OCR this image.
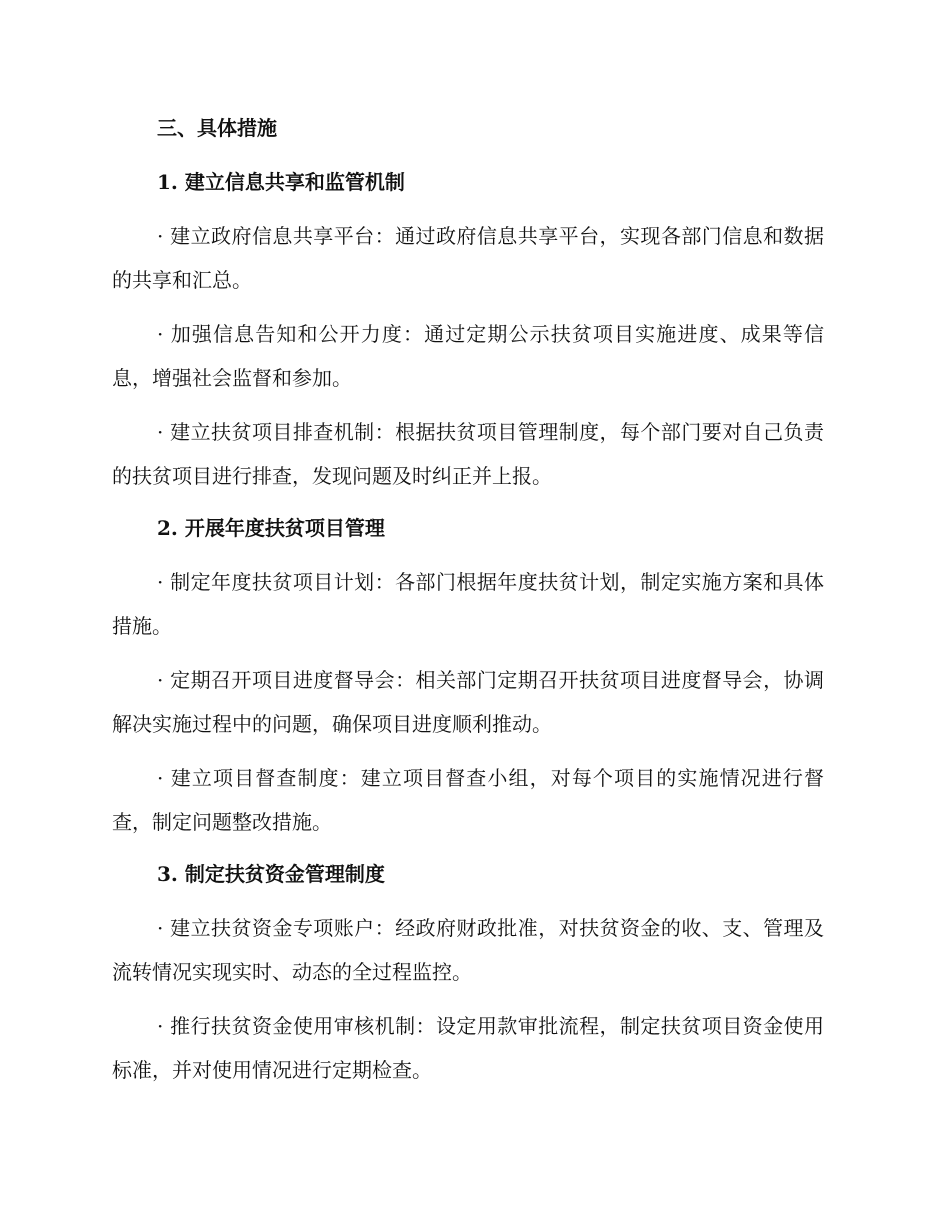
三、具体措施

1. 建立信息共享和监管机制

· 建立政府信息共享平台：通过政府信息共享平台，实现各部门信息和数据的共享和汇总。

· 加强信息告知和公开力度：通过定期公示扶贫项目实施进度、成果等信息，增强社会监督和参加。

· 建立扶贫项目排查机制：根据扶贫项目管理制度，每个部门要对自己负责的扶贫项目进行排查，发现问题及时纠正并上报。

2. 开展年度扶贫项目管理

· 制定年度扶贫项目计划：各部门根据年度扶贫计划，制定实施方案和具体措施。

· 定期召开项目进度督导会：相关部门定期召开扶贫项目进度督导会，协调解决实施过程中的问题，确保项目进度顺利推动。

· 建立项目督查制度：建立项目督查小组，对每个项目的实施情况进行督查，制定问题整改措施。

3. 制定扶贫资金管理制度

· 建立扶贫资金专项账户：经政府财政批准，对扶贫资金的收、支、管理及流转情况实现实时、动态的全过程监控。

· 推行扶贫资金使用审核机制：设定用款审批流程，制定扶贫项目资金使用标准，并对使用情况进行定期检查。
